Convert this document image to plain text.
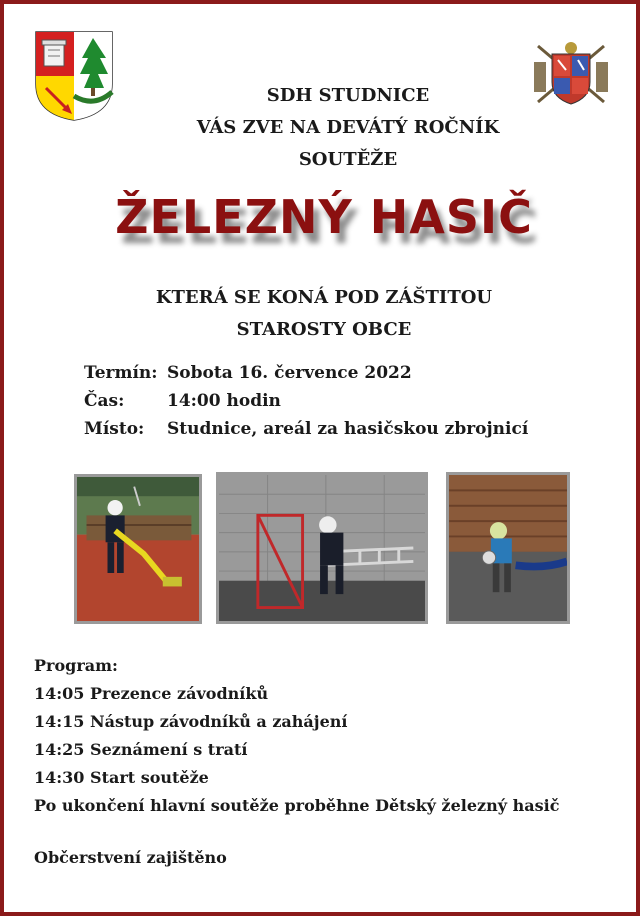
SDH STUDNICE
VÁS ZVE NA DEVÁTÝ ROČNÍK
SOUTĚŽE
ŽELEZNÝ HASIČ
KTERÁ SE KONÁ POD ZÁŠTITOU
STAROSTY OBCE
Termín: Sobota 16. července 2022
Čas:	14:00 hodin
Místo: Studnice, areál za hasičskou zbrojnicí
Program:
14:05 Prezence závodníků
14:15 Nástup závodníků a zahájení
14:25 Seznámení s tratí
14:30 Start soutěže
Po ukončení hlavní soutěže proběhne Dětský železný hasič
Občerstvení zajištěno
